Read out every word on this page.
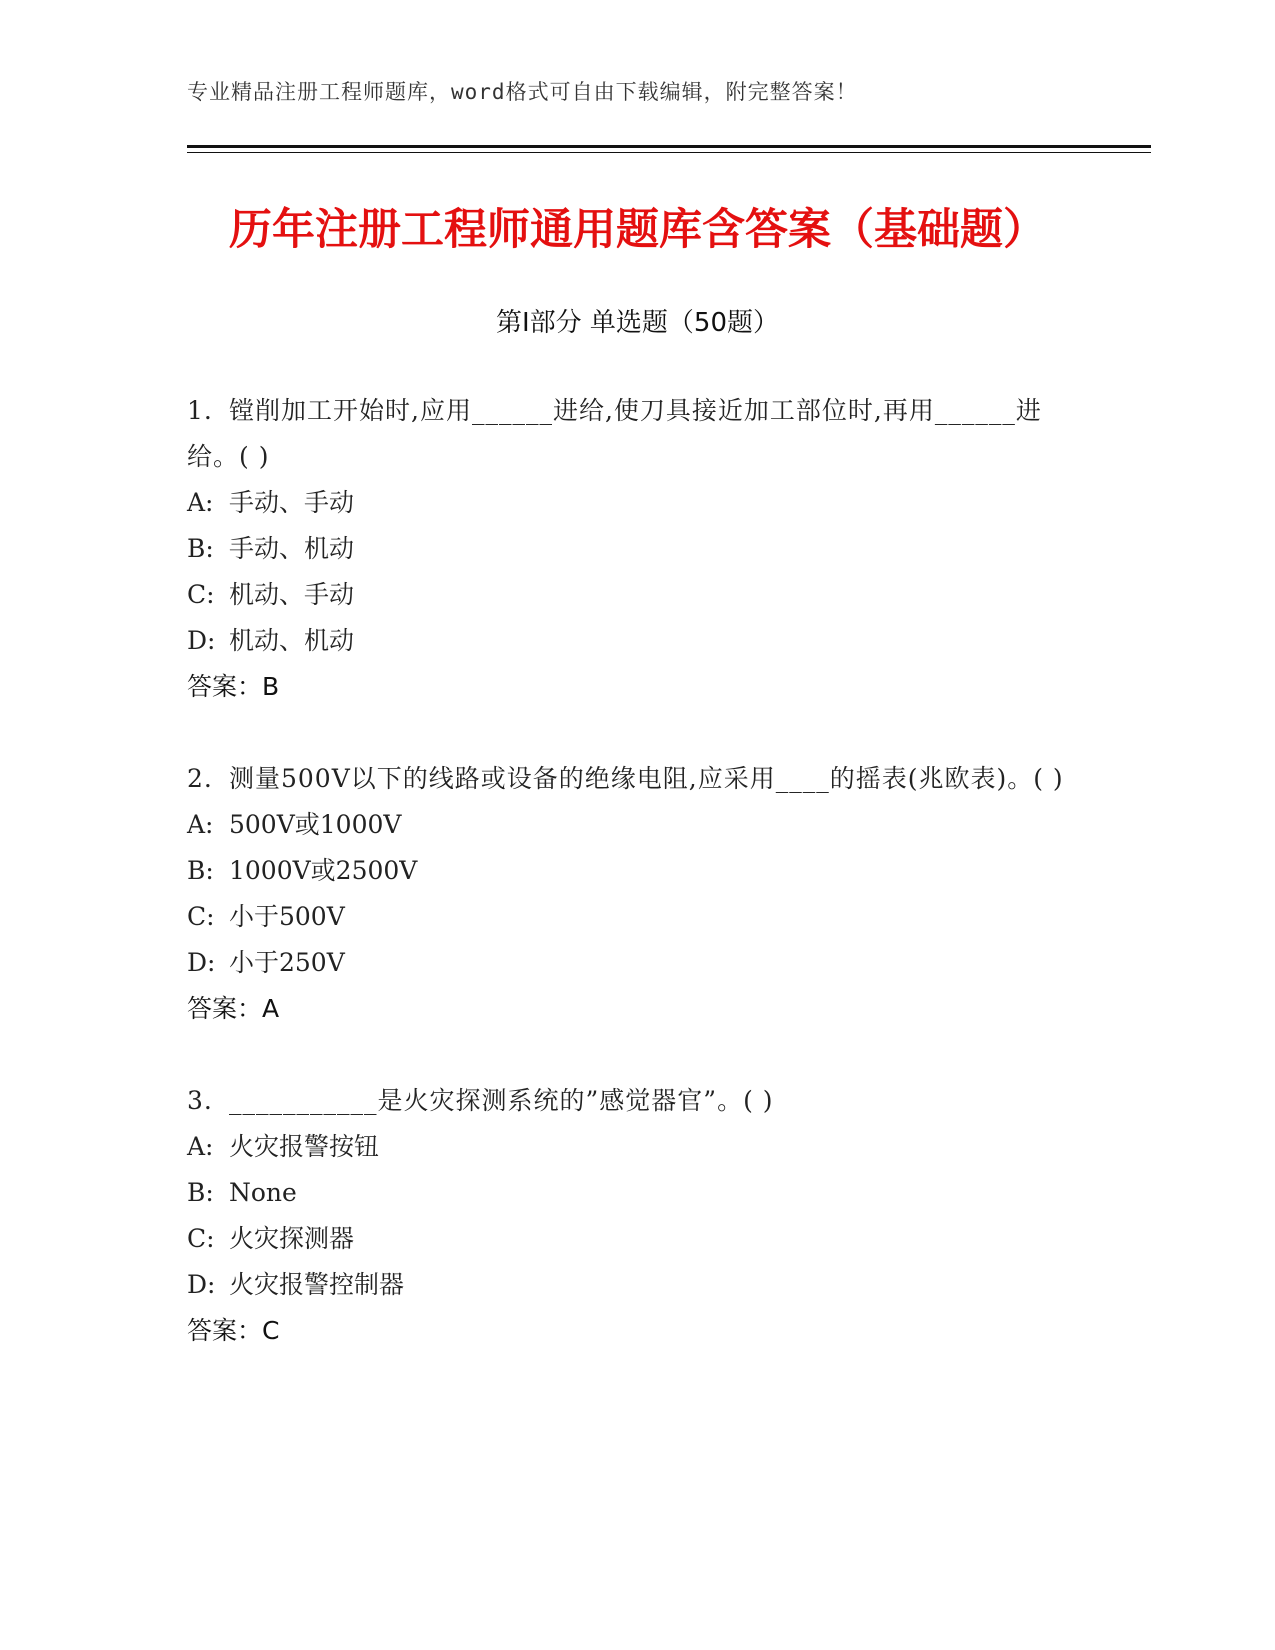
专业精品注册工程师题库，word格式可自由下载编辑，附完整答案！
历年注册工程师通用题库含答案（基础题）
第I部分 单选题（50题）
1. 镗削加工开始时,应用______进给,使刀具接近加工部位时,再用______进给。( )
A: 手动、手动
B: 手动、机动
C: 机动、手动
D: 机动、机动
答案：B
2. 测量500V以下的线路或设备的绝缘电阻,应采用____的摇表(兆欧表)。( )
A: 500V或1000V
B: 1000V或2500V
C: 小于500V
D: 小于250V
答案：A
3. ___________是火灾探测系统的”感觉器官”。( )
A: 火灾报警按钮
B: None
C: 火灾探测器
D: 火灾报警控制器
答案：C
